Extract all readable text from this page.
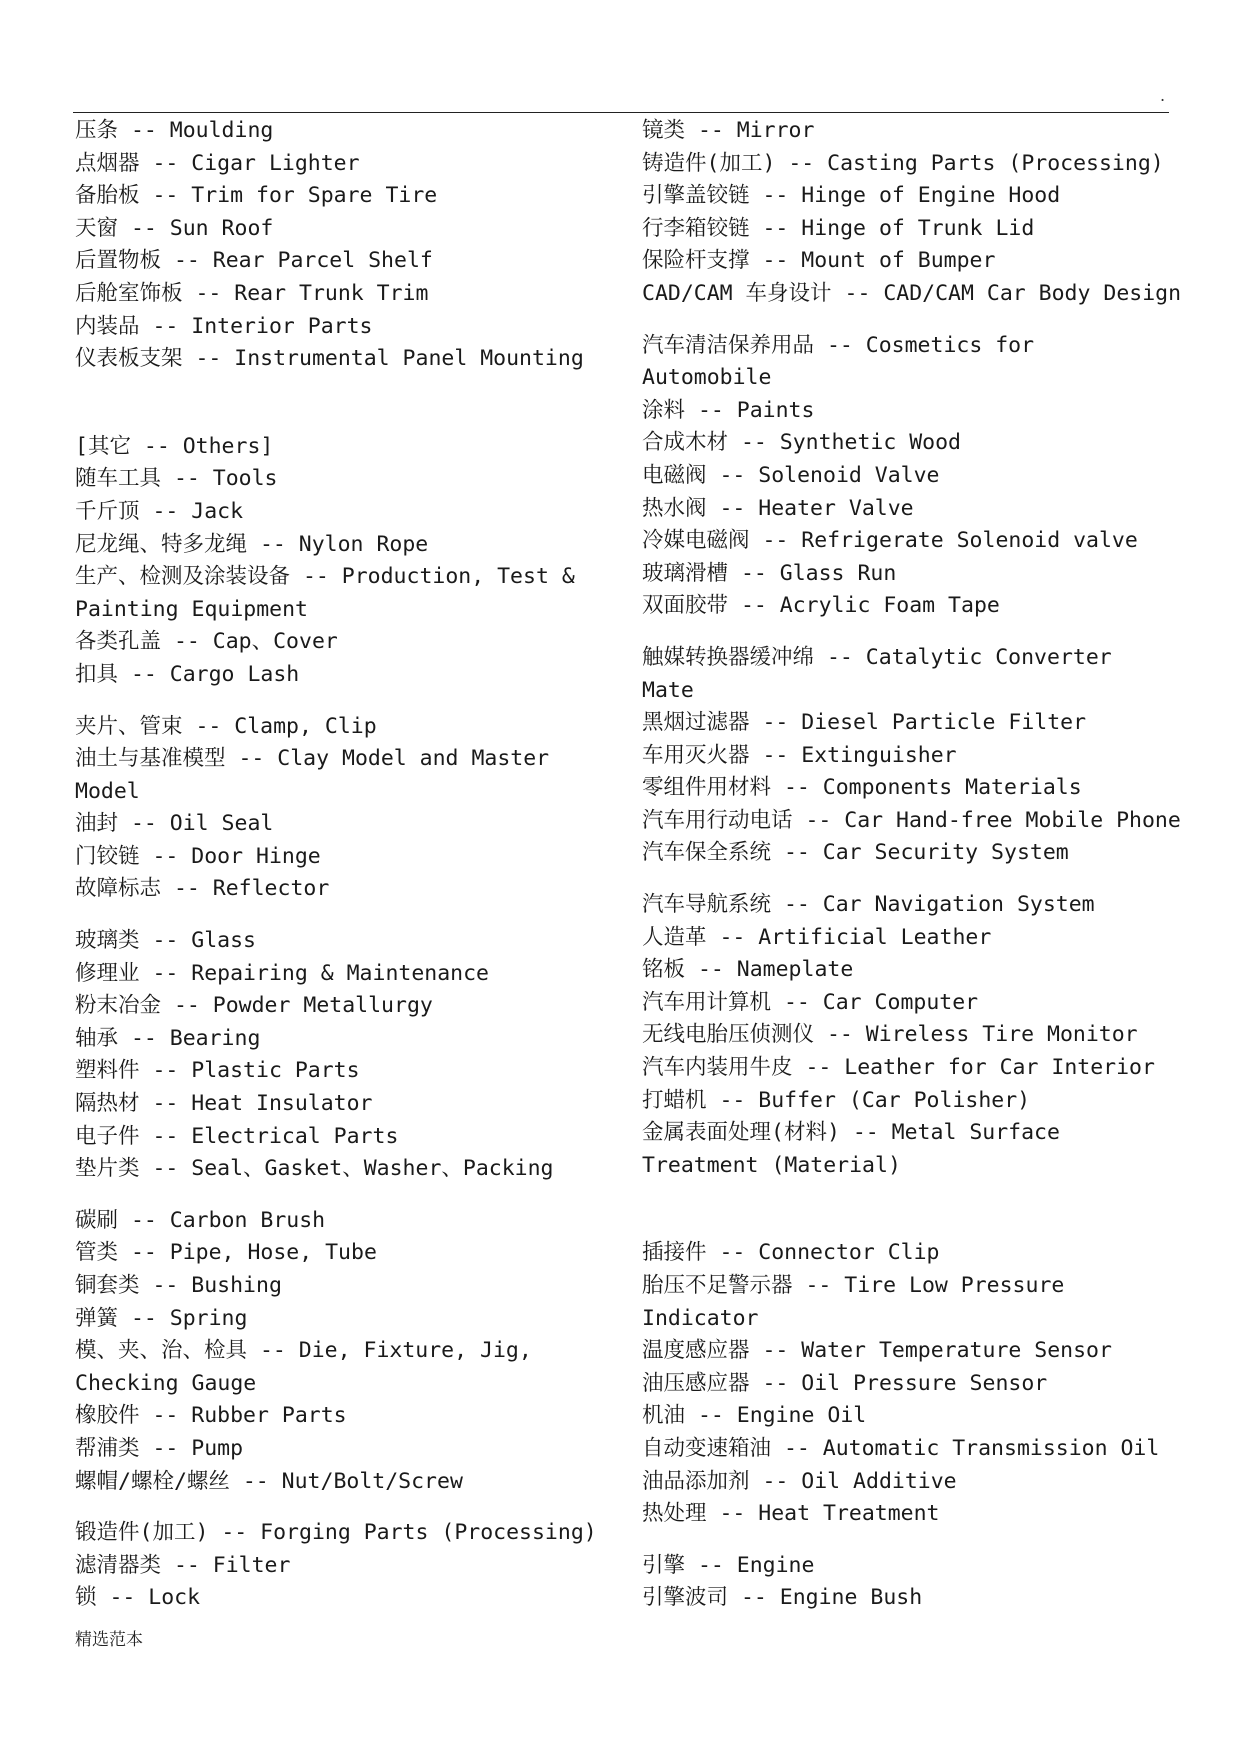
.
压条 -- Moulding
点烟器 -- Cigar Lighter
备胎板 -- Trim for Spare Tire
天窗 -- Sun Roof
后置物板 -- Rear Parcel Shelf
后舱室饰板 -- Rear Trunk Trim
内装品 -- Interior Parts
仪表板支架 -- Instrumental Panel Mounting
[其它 -- Others]
随车工具 -- Tools
千斤顶 -- Jack
尼龙绳、特多龙绳 -- Nylon Rope
生产、检测及涂装设备 -- Production, Test &
Painting Equipment
各类孔盖 -- Cap、Cover
扣具 -- Cargo Lash
夹片、管束 -- Clamp, Clip
油土与基准模型 -- Clay Model and Master
Model
油封 -- Oil Seal
门铰链 -- Door Hinge
故障标志 -- Reflector
玻璃类 -- Glass
修理业 -- Repairing & Maintenance
粉末冶金 -- Powder Metallurgy
轴承 -- Bearing
塑料件 -- Plastic Parts
隔热材 -- Heat Insulator
电子件 -- Electrical Parts
垫片类 -- Seal、Gasket、Washer、Packing
碳刷 -- Carbon Brush
管类 -- Pipe, Hose, Tube
铜套类 -- Bushing
弹簧 -- Spring
模、夹、治、检具 -- Die, Fixture, Jig,
Checking Gauge
橡胶件 -- Rubber Parts
帮浦类 -- Pump
螺帽/螺栓/螺丝 -- Nut/Bolt/Screw
锻造件(加工) -- Forging Parts (Processing)
滤清器类 -- Filter
锁 -- Lock
镜类 -- Mirror
铸造件(加工) -- Casting Parts (Processing)
引擎盖铰链 -- Hinge of Engine Hood
行李箱铰链 -- Hinge of Trunk Lid
保险杆支撑 -- Mount of Bumper
CAD/CAM 车身设计 -- CAD/CAM Car Body Design
汽车清洁保养用品 -- Cosmetics for
Automobile
涂料 -- Paints
合成木材 -- Synthetic Wood
电磁阀 -- Solenoid Valve
热水阀 -- Heater Valve
冷媒电磁阀 -- Refrigerate Solenoid valve
玻璃滑槽 -- Glass Run
双面胶带 -- Acrylic Foam Tape
触媒转换器缓冲绵 -- Catalytic Converter
Mate
黑烟过滤器 -- Diesel Particle Filter
车用灭火器 -- Extinguisher
零组件用材料 -- Components Materials
汽车用行动电话 -- Car Hand-free Mobile Phone
汽车保全系统 -- Car Security System
汽车导航系统 -- Car Navigation System
人造革 -- Artificial Leather
铭板 -- Nameplate
汽车用计算机 -- Car Computer
无线电胎压侦测仪 -- Wireless Tire Monitor
汽车内装用牛皮 -- Leather for Car Interior
打蜡机 -- Buffer (Car Polisher)
金属表面处理(材料) -- Metal Surface
Treatment (Material)
插接件 -- Connector Clip
胎压不足警示器 -- Tire Low Pressure
Indicator
温度感应器 -- Water Temperature Sensor
油压感应器 -- Oil Pressure Sensor
机油 -- Engine Oil
自动变速箱油 -- Automatic Transmission Oil
油品添加剂 -- Oil Additive
热处理 -- Heat Treatment
引擎 -- Engine
引擎波司 -- Engine Bush
精选范本
